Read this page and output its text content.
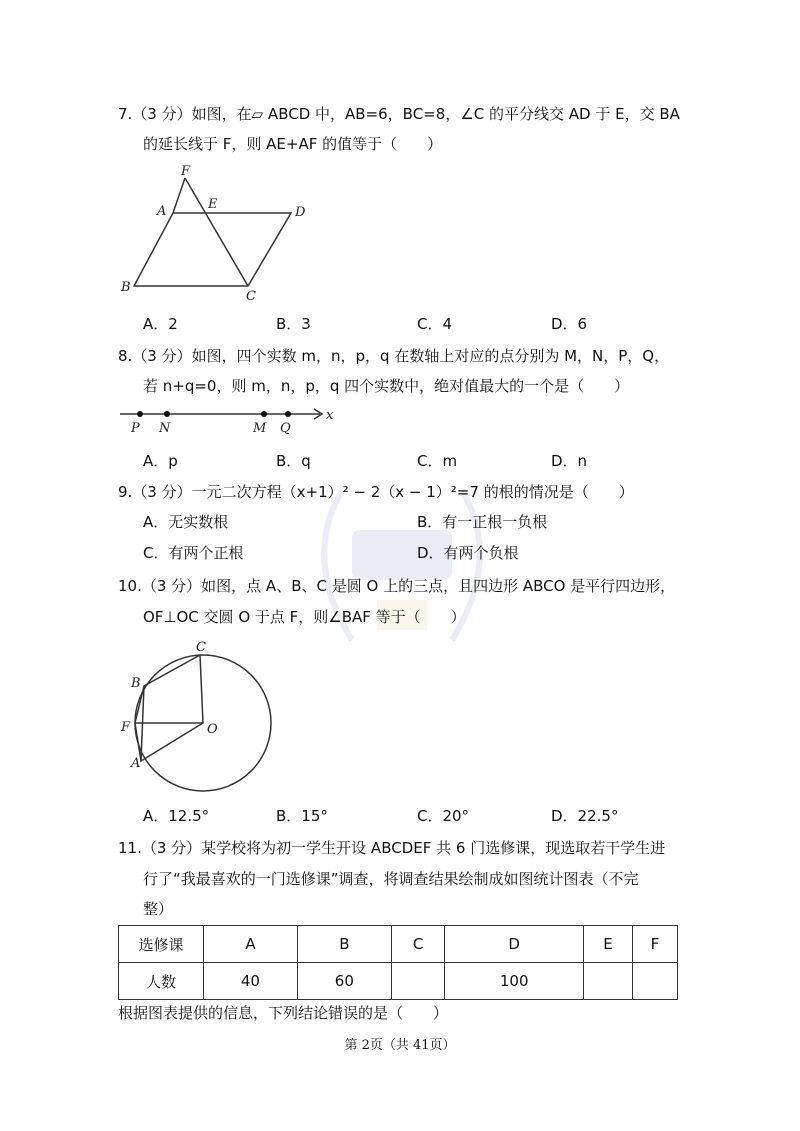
7.（3 分）如图，在▱ ABCD 中，AB=6，BC=8，∠C 的平分线交 AD 于 E，交 BA
的延长线于 F，则 AE+AF 的值等于（　　）
F
A	E
D
B
C
A．2	B．3	C．4	D．6
8.（3 分）如图，四个实数 m，n，p，q 在数轴上对应的点分别为 M，N，P，Q，
若 n+q=0，则 m，n，p，q 四个实数中，绝对值最大的一个是（　　）
P N	M Q
x
A．p	B．q	C．m	D．n
9.（3 分）一元二次方程（x+1）² − 2（x − 1）²=7 的根的情况是（　　）
A．无实数根	B．有一正根一负根
C．有两个正根	D．有两个负根
10.（3 分）如图，点 A、B、C 是圆 O 上的三点，且四边形 ABCO 是平行四边形，
OF⊥OC 交圆 O 于点 F，则∠BAF 等于（　　）
C
B
F	O
A
A．12.5°	B．15°	C．20°	D．22.5°
11.（3 分）某学校将为初一学生开设 ABCDEF 共 6 门选修课，现选取若干学生进
行了“我最喜欢的一门选修课”调查，将调查结果绘制成如图统计图表（不完
整）
选修课	A	B	C	D	E	F
人数	40	60		100		
根据图表提供的信息，下列结论错误的是（　　）
第 2页（共 41页）
